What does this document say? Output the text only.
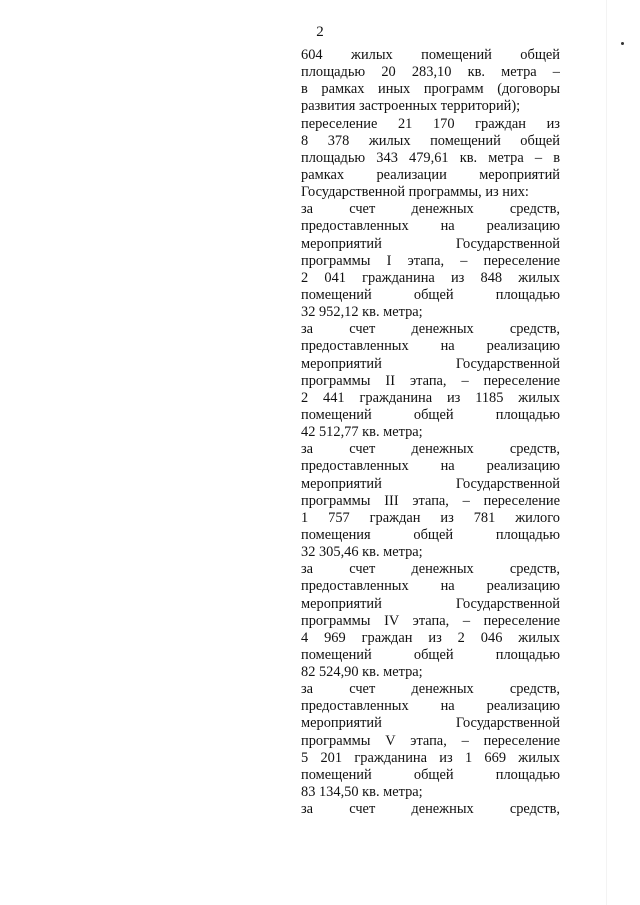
2
604 жилых помещений общей
площадью 20 283,10 кв. метра –
в рамках иных программ (договоры
развития застроенных территорий);
переселение 21 170 граждан из
8 378 жилых помещений общей
площадью 343 479,61 кв. метра – в
рамках реализации мероприятий
Государственной программы, из них:
за счет денежных средств,
предоставленных на реализацию
мероприятий Государственной
программы I этапа, – переселение
2 041 гражданина из 848 жилых
помещений общей площадью
32 952,12 кв. метра;
за счет денежных средств,
предоставленных на реализацию
мероприятий Государственной
программы II этапа, – переселение
2 441 гражданина из 1185 жилых
помещений общей площадью
42 512,77 кв. метра;
за счет денежных средств,
предоставленных на реализацию
мероприятий Государственной
программы III этапа, – переселение
1 757 граждан из 781 жилого
помещения общей площадью
32 305,46 кв. метра;
за счет денежных средств,
предоставленных на реализацию
мероприятий Государственной
программы IV этапа, – переселение
4 969 граждан из 2 046 жилых
помещений общей площадью
82 524,90 кв. метра;
за счет денежных средств,
предоставленных на реализацию
мероприятий Государственной
программы V этапа, – переселение
5 201 гражданина из 1 669 жилых
помещений общей площадью
83 134,50 кв. метра;
за счет денежных средств,
